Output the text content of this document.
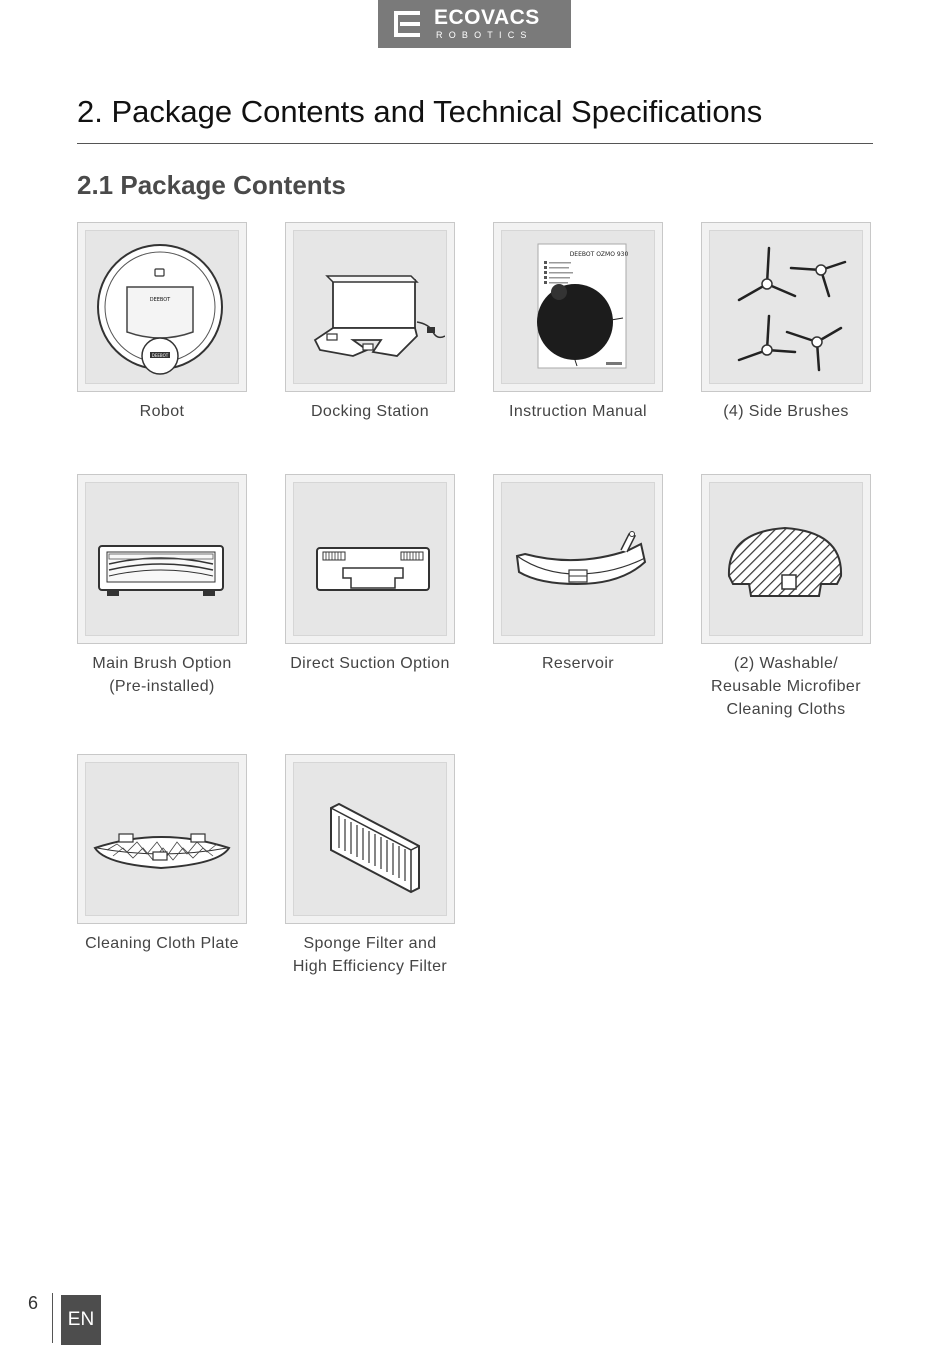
ECOVACS
ROBOTICS
2. Package Contents and Technical Specifications
2.1 Package Contents
DEEBOT
DEEBOT
Robot	Docking Station
DEEBOT OZMO 930
Instruction Manual	(4) Side Brushes
Main Brush Option
(Pre-installed)
Direct Suction Option	Reservoir	(2) Washable/
Reusable Microfiber
Cleaning Cloths
Cleaning Cloth Plate	Sponge Filter and
High Efficiency Filter
6
EN
